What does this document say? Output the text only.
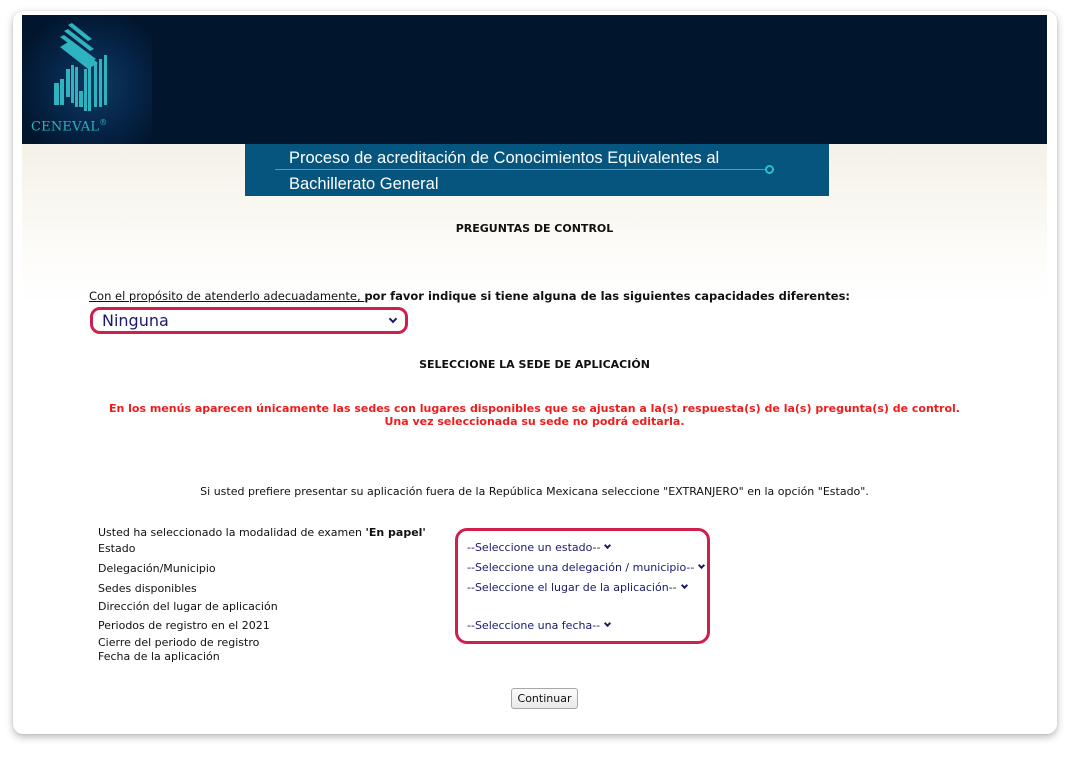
CENEVAL®
Proceso de acreditación de Conocimientos Equivalentes al
Bachillerato General
PREGUNTAS DE CONTROL
Con el propósito de atenderlo adecuadamente, por favor indique si tiene alguna de las siguientes capacidades diferentes:
Ninguna
SELECCIONE LA SEDE DE APLICACIÓN
En los menús aparecen únicamente las sedes con lugares disponibles que se ajustan a la(s) respuesta(s) de la(s) pregunta(s) de control.
Una vez seleccionada su sede no podrá editarla.
Si usted prefiere presentar su aplicación fuera de la República Mexicana seleccione "EXTRANJERO" en la opción "Estado".
Usted ha seleccionado la modalidad de examen 'En papel'
Estado
Delegación/Municipio
Sedes disponibles
Dirección del lugar de aplicación
Periodos de registro en el 2021
Cierre del periodo de registro
Fecha de la aplicación
--Seleccione un estado--
--Seleccione una delegación / municipio--
--Seleccione el lugar de la aplicación--
--Seleccione una fecha--
Continuar
